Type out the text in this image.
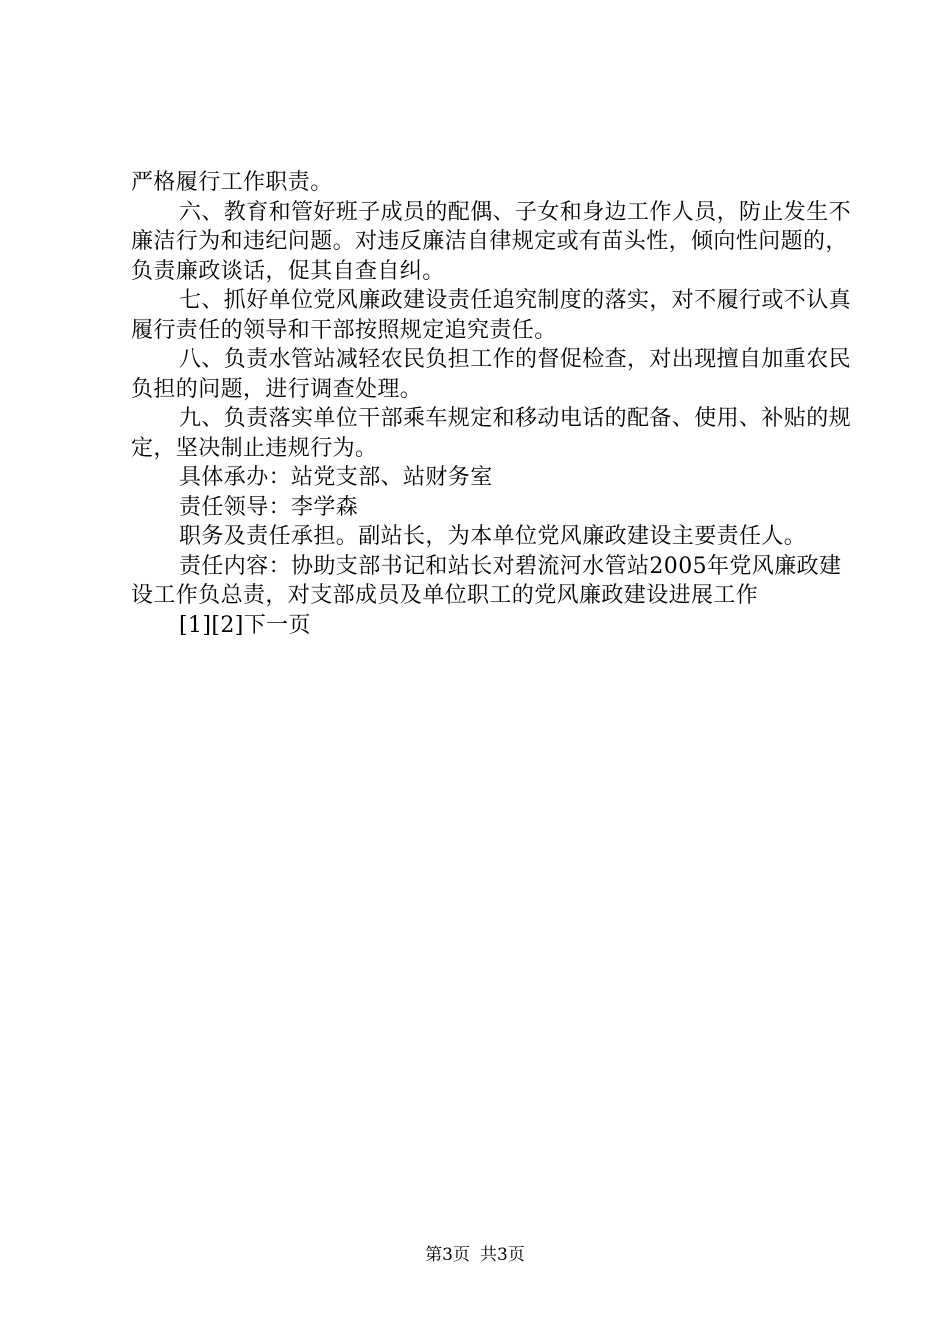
严格履行工作职责。

六、教育和管好班子成员的配偶、子女和身边工作人员，防止发生不廉洁行为和违纪问题。对违反廉洁自律规定或有苗头性，倾向性问题的，负责廉政谈话，促其自查自纠。

七、抓好单位党风廉政建设责任追究制度的落实，对不履行或不认真履行责任的领导和干部按照规定追究责任。

八、负责水管站减轻农民负担工作的督促检查，对出现擅自加重农民负担的问题，进行调查处理。

九、负责落实单位干部乘车规定和移动电话的配备、使用、补贴的规定，坚决制止违规行为。

具体承办：站党支部、站财务室

责任领导：李学森

职务及责任承担。副站长，为本单位党风廉政建设主要责任人。

责任内容：协助支部书记和站长对碧流河水管站2005年党风廉政建设工作负总责，对支部成员及单位职工的党风廉政建设进展工作

[1][2]下一页

第3页 共3页
